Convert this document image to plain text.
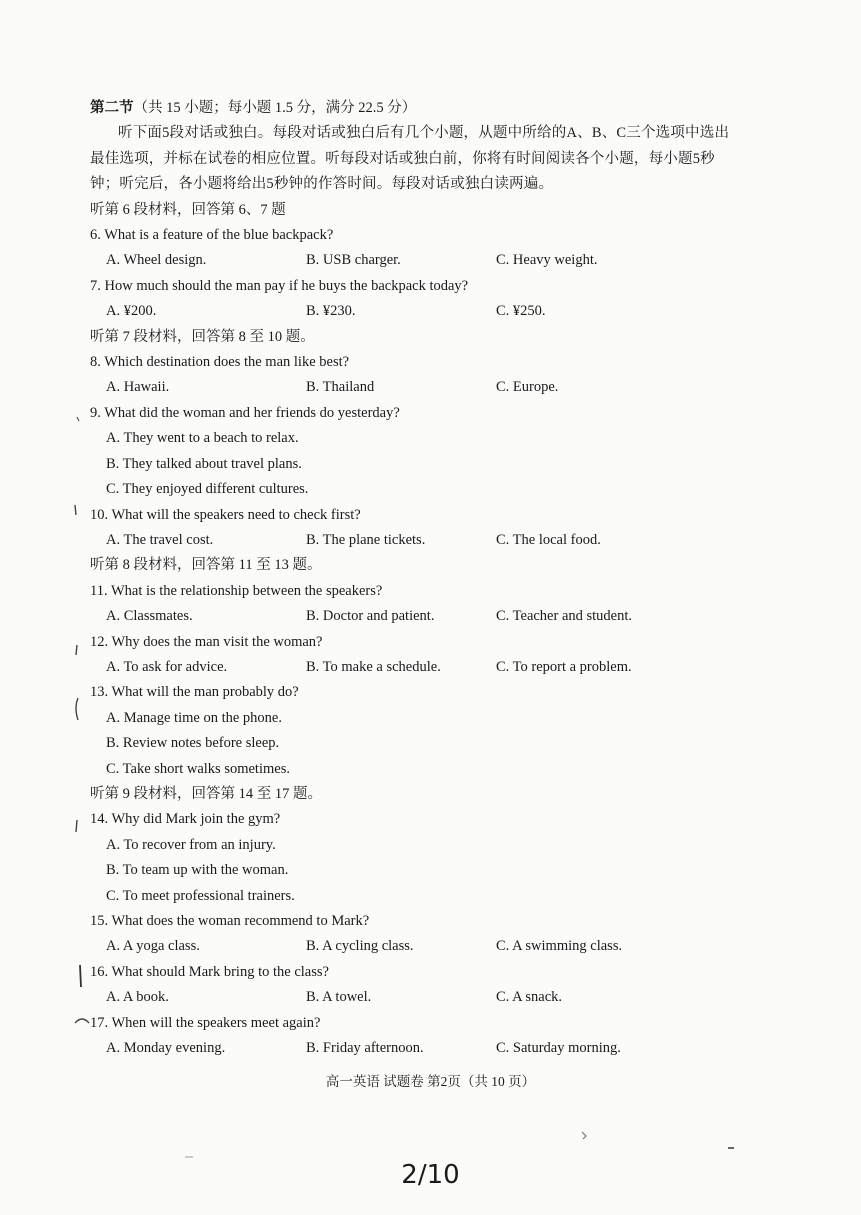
第二节（共 15 小题；每小题 1.5 分，满分 22.5 分）
听下面5段对话或独白。每段对话或独白后有几个小题，从题中所给的A、B、C三个选项中选出最佳选项，并标在试卷的相应位置。听每段对话或独白前，你将有时间阅读各个小题，每小题5秒钟；听完后，各小题将给出5秒钟的作答时间。每段对话或独白读两遍。
听第 6 段材料，回答第 6、7 题
6. What is a feature of the blue backpack?
A. Wheel design.	B. USB charger.	C. Heavy weight.
7. How much should the man pay if he buys the backpack today?
A. ¥200.	B. ¥230.	C. ¥250.
听第 7 段材料，回答第 8 至 10 题。
8. Which destination does the man like best?
A. Hawaii.	B. Thailand	C. Europe.
9. What did the woman and her friends do yesterday?
A. They went to a beach to relax.
B. They talked about travel plans.
C. They enjoyed different cultures.
10. What will the speakers need to check first?
A. The travel cost.	B. The plane tickets.	C. The local food.
听第 8 段材料，回答第 11 至 13 题。
11. What is the relationship between the speakers?
A. Classmates.	B. Doctor and patient.	C. Teacher and student.
12. Why does the man visit the woman?
A. To ask for advice.	B. To make a schedule.	C. To report a problem.
13. What will the man probably do?
A. Manage time on the phone.
B. Review notes before sleep.
C. Take short walks sometimes.
听第 9 段材料，回答第 14 至 17 题。
14. Why did Mark join the gym?
A. To recover from an injury.
B. To team up with the woman.
C. To meet professional trainers.
15. What does the woman recommend to Mark?
A. A yoga class.	B. A cycling class.	C. A swimming class.
16. What should Mark bring to the class?
A. A book.	B. A towel.	C. A snack.
17. When will the speakers meet again?
A. Monday evening.	B. Friday afternoon.	C. Saturday morning.
高一英语 试题卷 第2页（共 10 页）
2/10
